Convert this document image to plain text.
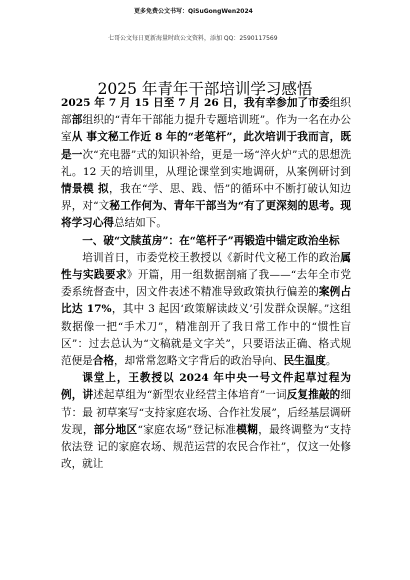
更多免费公文书写：QiSuGongWen2024
七哥公文每日更新海量时政公文资料，添加 QQ：2590117569
2025 年青年干部培训学习感悟

2025 年 7 月 15 日至 7 月 26 日，我有幸参加了市委组织部部组织的“青年干部能力提升专题培训班”。作为一名在办公室从 事文秘工作近 8 年的“老笔杆”，此次培训于我而言，既是一次“充电器”式的知识补给，更是一场“淬火炉”式的思想洗礼。12 天的培训里，从理论课堂到实地调研，从案例研讨到情景模 拟，我在“学、思、践、悟”的循环中不断打破认知边界，对“文秘工作何为、青年干部当为“有了更深刻的思考。现将学习心得总结如下。

一、破“文牍茧房”：在“笔杆子”再锻造中锚定政治坐标

培训首日，市委党校王教授以《新时代文秘工作的政治属性与实践要求》开篇，用一组数据剖痛了我——“去年全市党委系统督查中，因文件表述不精准导致政策执行偏差的案例占比达 17%，其中 3 起因‘政策解读歧义’引发群众误解。”这组数据像一把“手术刀”，精准剖开了我日常工作中的“惯性盲区”：过去总认为“文稿就是文字关”，只要语法正确、格式规范便是合格，却常常忽略文字背后的政治导向、民生温度。

课堂上，王教授以 2024 年中央一号文件起草过程为例，讲述起草组为“新型农业经营主体培育”一词反复推敲的细节：最 初草案写“支持家庭农场、合作社发展”，后经基层调研发现，部分地区“家庭农场”登记标准模糊，最终调整为“支持依法登 记的家庭农场、规范运营的农民合作社”，仅这一处修改，就让
